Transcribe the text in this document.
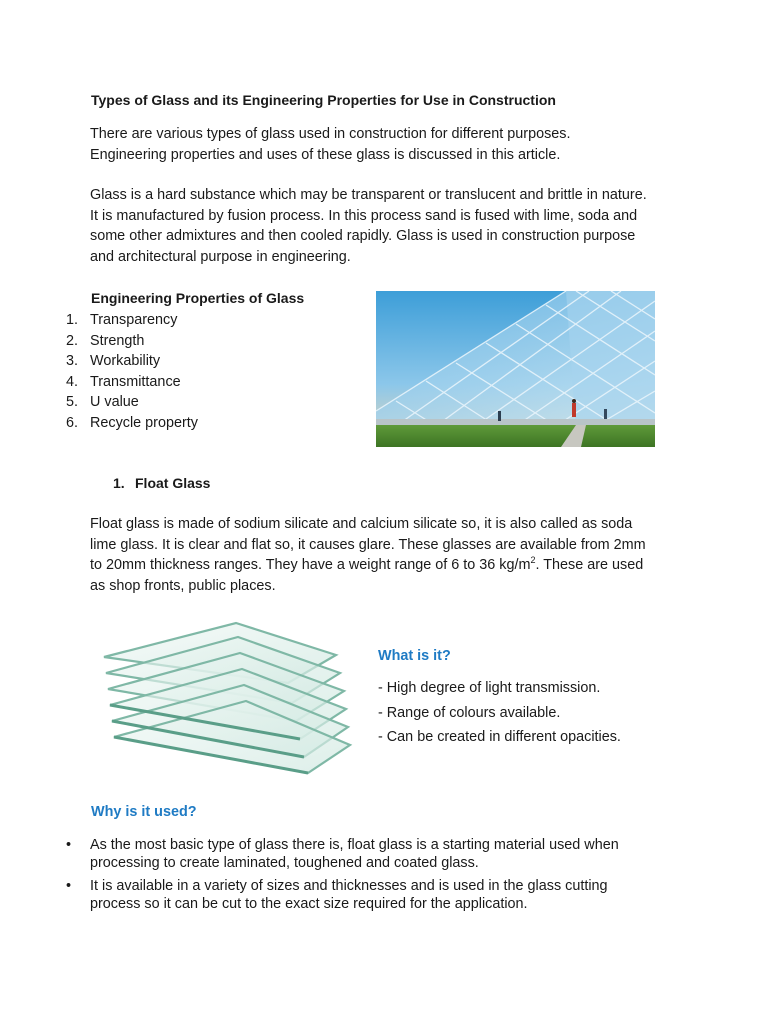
Types of Glass and its Engineering Properties for Use in Construction
There are various types of glass used in construction for different purposes.
Engineering properties and uses of these glass is discussed in this article.
Glass is a hard substance which may be transparent or translucent and brittle in nature.
It is manufactured by fusion process. In this process sand is fused with lime, soda and
some other admixtures and then cooled rapidly. Glass is used in construction purpose
and architectural purpose in engineering.
Engineering Properties of Glass
1. Transparency
2. Strength
3. Workability
4. Transmittance
5. U value
6. Recycle property
1. Float Glass
Float glass is made of sodium silicate and calcium silicate so, it is also called as soda
lime glass. It is clear and flat so, it causes glare. These glasses are available from 2mm
to 20mm thickness ranges. They have a weight range of 6 to 36 $kg/m^2$. These are used
as shop fronts, public places.
What is it?
- High degree of light transmission.
- Range of colours available.
- Can be created in different opacities.
Why is it used?
• As the most basic type of glass there is, float glass is a starting material used when
processing to create laminated, toughened and coated glass.
• It is available in a variety of sizes and thicknesses and is used in the glass cutting
process so it can be cut to the exact size required for the application.
